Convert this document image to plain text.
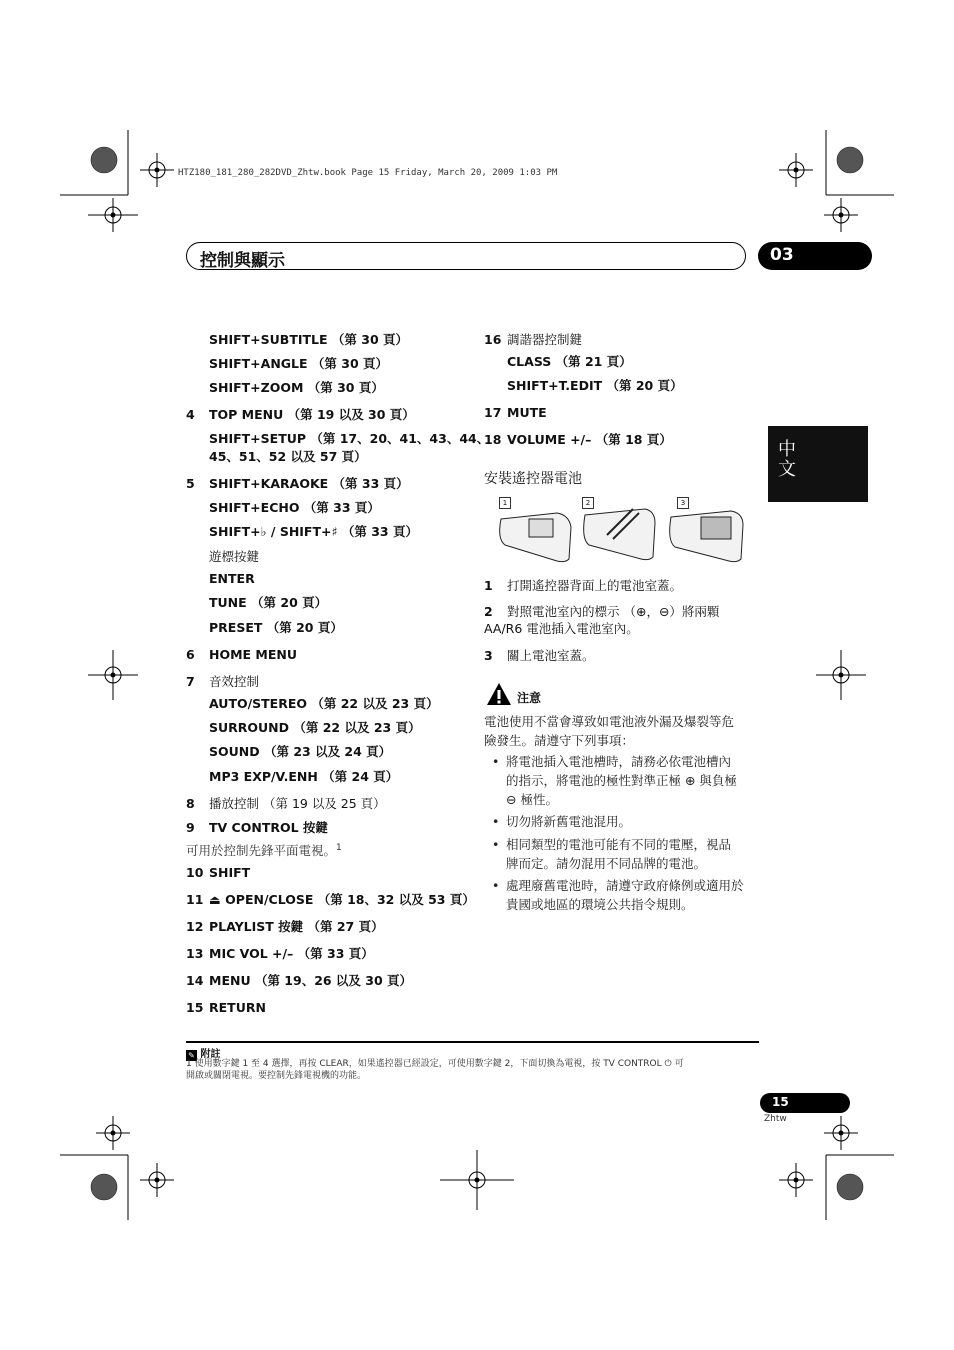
HTZ180_181_280_282DVD_Zhtw.book Page 15 Friday, March 20, 2009 1:03 PM
控制與顯示	03
中
文
SHIFT+SUBTITLE （第 30 頁）
SHIFT+ANGLE （第 30 頁）
SHIFT+ZOOM （第 30 頁）
4 TOP MENU （第 19 以及 30 頁）
SHIFT+SETUP （第 17、20、41、43、44、
45、51、52 以及 57 頁）
5 SHIFT+KARAOKE （第 33 頁）
SHIFT+ECHO （第 33 頁）
SHIFT+♭ / SHIFT+♯ （第 33 頁）
遊標按鍵
ENTER
TUNE （第 20 頁）
PRESET （第 20 頁）
6 HOME MENU
7 音效控制
AUTO/STEREO （第 22 以及 23 頁）
SURROUND （第 22 以及 23 頁）
SOUND （第 23 以及 24 頁）
MP3 EXP/V.ENH （第 24 頁）
8 播放控制 （第 19 以及 25 頁）
9 TV CONTROL 按鍵
可用於控制先鋒平面電視。$^1$
10 SHIFT
11 ⏏ OPEN/CLOSE （第 18、32 以及 53 頁）
12 PLAYLIST 按鍵 （第 27 頁）
13 MIC VOL +/– （第 33 頁）
14 MENU （第 19、26 以及 30 頁）
15 RETURN
16 調諧器控制鍵
CLASS （第 21 頁）
SHIFT+T.EDIT （第 20 頁）
17 MUTE
18 VOLUME +/– （第 18 頁）
安裝遙控器電池
1	2	3
1 打開遙控器背面上的電池室蓋。
2 對照電池室內的標示 （⊕，⊖）將兩顆
AA/R6 電池插入電池室內。
3 關上電池室蓋。
注意
電池使用不當會導致如電池液外漏及爆裂等危
險發生。請遵守下列事項：
• 將電池插入電池槽時，請務必依電池槽內
的指示，將電池的極性對準正極 ⊕ 與負極
⊖ 極性。
• 切勿將新舊電池混用。
• 相同類型的電池可能有不同的電壓，視品
牌而定。請勿混用不同品牌的電池。
• 處理廢舊電池時，請遵守政府條例或適用於
貴國或地區的環境公共指令規則。
✎ 附註
1 使用數字鍵 1 至 4 選擇，再按 CLEAR，如果遙控器已經設定，可使用數字鍵 2，下面切換為電視，按 TV CONTROL ⏻ 可
開啟或關閉電視。要控制先鋒電視機的功能。
15
Zhtw
